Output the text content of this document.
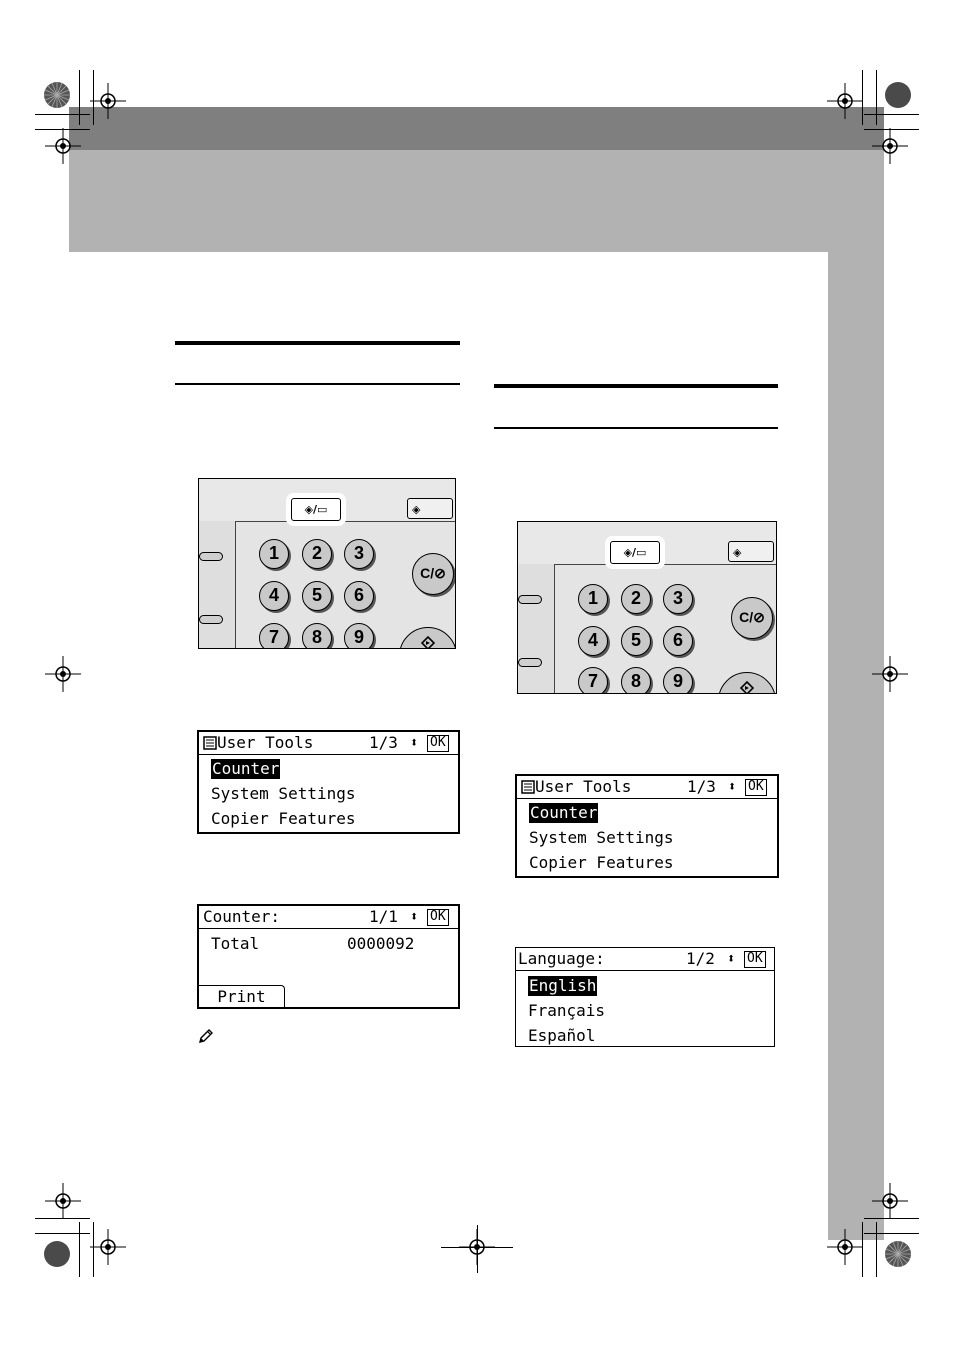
◈/▭	◈
1	2	3
4	5	6
7	8	9
C/⊘
User Tools	1/3 ⬍ OK
Counter
System Settings
Copier Features
Counter:	1/1 ⬍ OK
Total	0000092
Print
◈/▭	◈
1	2	3
4	5	6
7	8	9
C/⊘
User Tools	1/3 ⬍ OK
Counter
System Settings
Copier Features
Language:	1/2 ⬍ OK
English
Français
Español
